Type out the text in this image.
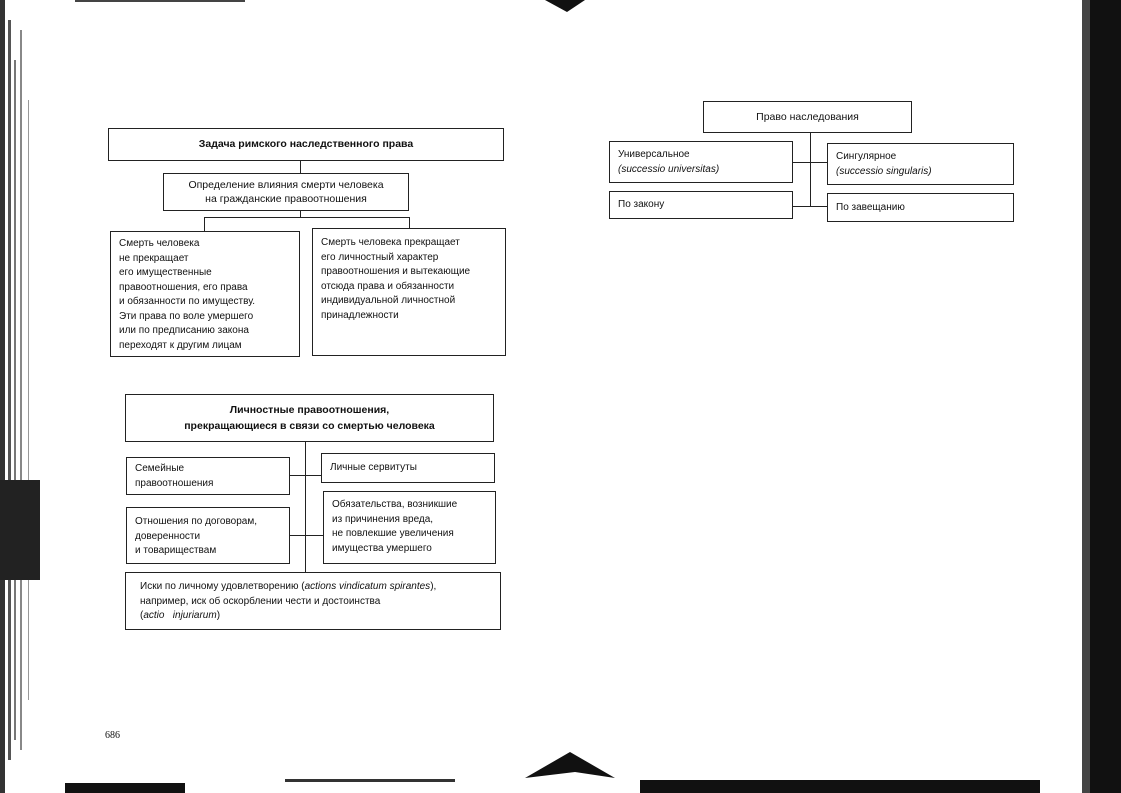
Задача римского наследственного права
Определение влияния смерти человека
на гражданские правоотношения
Смерть человека
не прекращает
его имущественные
правоотношения, его права
и обязанности по имуществу.
Эти права по воле умершего
или по предписанию закона
переходят к другим лицам
Смерть человека прекращает
его личностный характер
правоотношения и вытекающие
отсюда права и обязанности
индивидуальной личностной
принадлежности
Личностные правоотношения,
прекращающиеся в связи со смертью человека
Семейные
правоотношения
Личные сервитуты
Отношения по договорам,
доверенности
и товариществам
Обязательства, возникшие
из причинения вреда,
не повлекшие увеличения
имущества умершего
Иски по личному удовлетворению (actions vindicatum spirantes),
например, иск об оскорблении чести и достоинства
(actio   injuriarum)
Право наследования
Универсальное
(successio universitas)
Сингулярное
(successio singularis)
По закону	По завещанию
686
